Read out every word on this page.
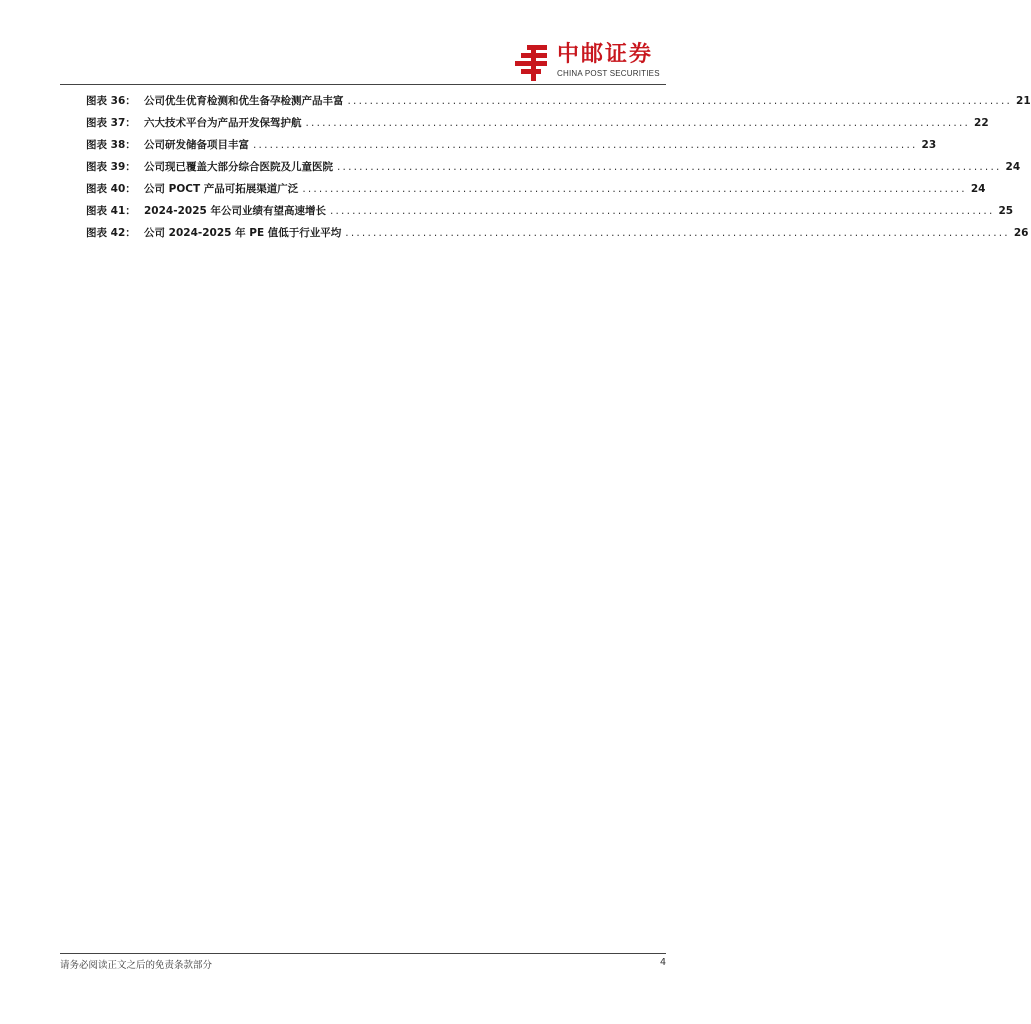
中邮证券
CHINA POST SECURITIES
图表 36： 公司优生优育检测和优生备孕检测产品丰富 ........................................................................................................................ 21
图表 37： 六大技术平台为产品开发保驾护航 ........................................................................................................................ 22
图表 38： 公司研发储备项目丰富 ........................................................................................................................ 23
图表 39： 公司现已覆盖大部分综合医院及儿童医院 ........................................................................................................................ 24
图表 40： 公司 POCT 产品可拓展渠道广泛 ........................................................................................................................ 24
图表 41： 2024-2025 年公司业绩有望高速增长 ........................................................................................................................ 25
图表 42： 公司 2024-2025 年 PE 值低于行业平均 ........................................................................................................................ 26
请务必阅读正文之后的免责条款部分	4
